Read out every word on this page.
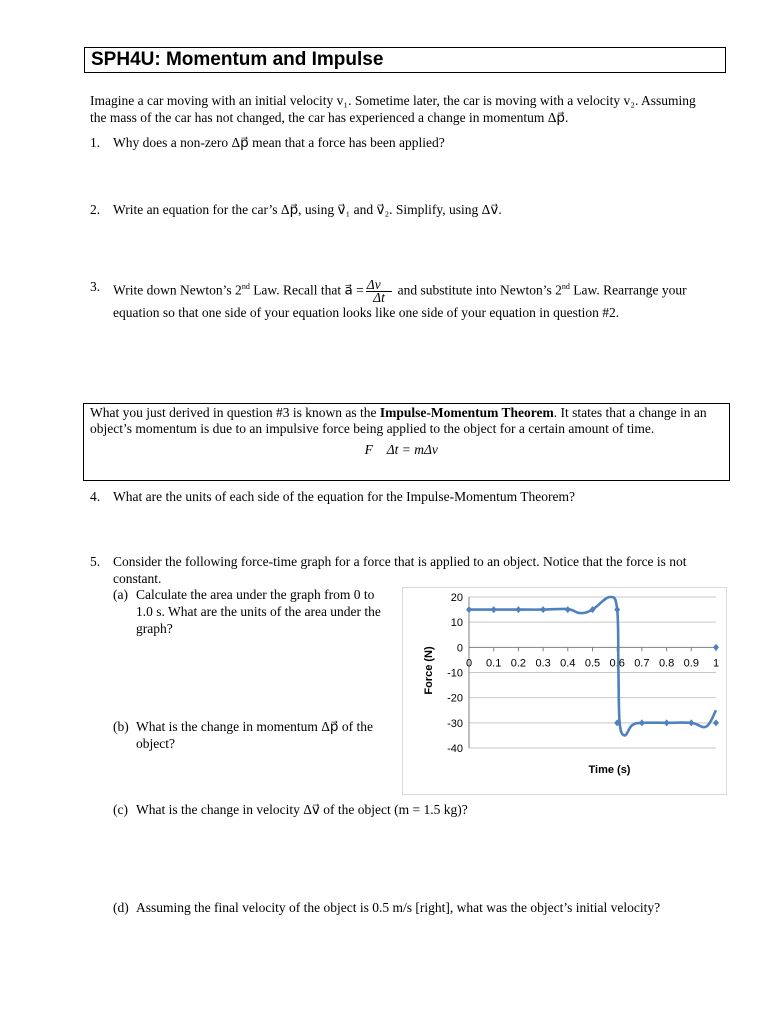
SPH4U: Momentum and Impulse
Imagine a car moving with an initial velocity v₁. Sometime later, the car is moving with a velocity v₂. Assuming
the mass of the car has not changed, the car has experienced a change in momentum Δp⃗.
1. Why does a non-zero Δp⃗ mean that a force has been applied?
2. Write an equation for the car’s Δp⃗, using v⃗₁ and v⃗₂. Simplify, using Δv⃗.
3. Write down Newton’s 2nd Law. Recall that a⃗ = $\frac{\Delta v⃗}{\Delta t}$ and substitute into Newton’s 2nd Law. Rearrange your
equation so that one side of your equation looks like one side of your equation in question #2.
What you just derived in question #3 is known as the Impulse-Momentum Theorem. It states that a change in an object’s momentum is due to an impulsive force being applied to the object for a certain amount of time.
F⃗ Δt = mΔv⃗
4. What are the units of each side of the equation for the Impulse-Momentum Theorem?
5. Consider the following force-time graph for a force that is applied to an object. Notice that the force is not
constant.
(a) Calculate the area under the graph from 0 to
1.0 s. What are the units of the area under the
graph?
(b) What is the change in momentum Δp⃗ of the
object?
(c) What is the change in velocity Δv⃗ of the object (m = 1.5 kg)?
(d) Assuming the final velocity of the object is 0.5 m/s [right], what was the object’s initial velocity?
20
10
0
-10
-20
-30
-40
0 0.1 0.2 0.3 0.4 0.5 0.6 0.7 0.8 0.9 1
Time (s)
Force (N)
